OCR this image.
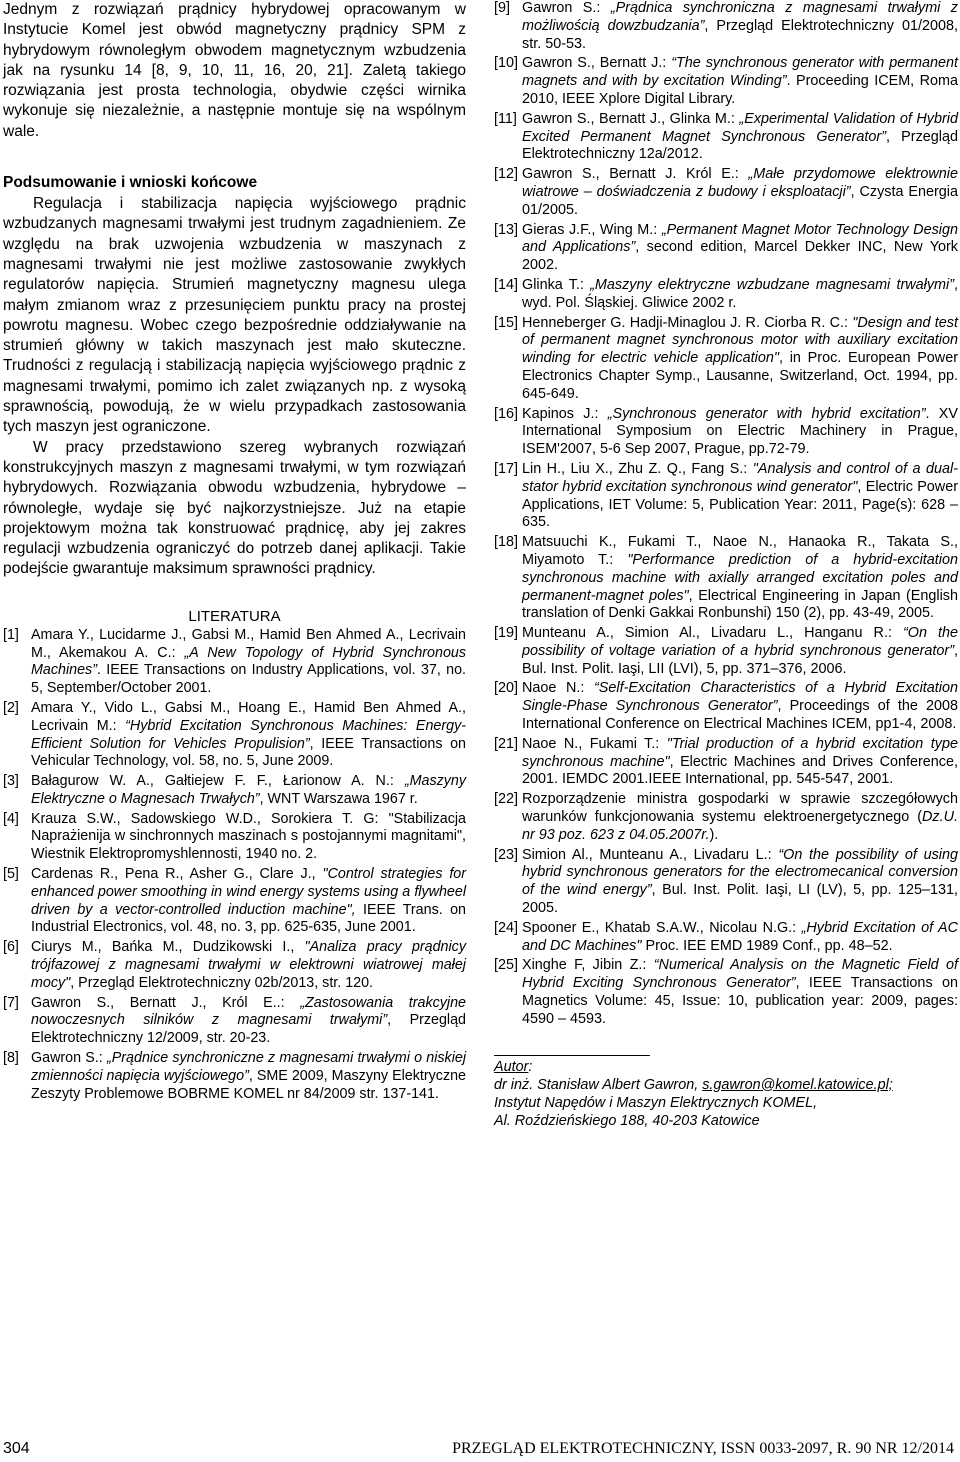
Jednym z rozwiązań prądnicy hybrydowej opracowanym w Instytucie Komel jest obwód magnetyczny prądnicy SPM z hybrydowym równoległym obwodem magnetycznym wzbudzenia jak na rysunku 14 [8, 9, 10, 11, 16, 20, 21]. Zaletą takiego rozwiązania jest prosta technologia, obydwie części wirnika wykonuje się niezależnie, a następnie montuje się na wspólnym wale.

Podsumowanie i wnioski końcowe

Regulacja i stabilizacja napięcia wyjściowego prądnic wzbudzanych magnesami trwałymi jest trudnym zagadnieniem. Ze względu na brak uzwojenia wzbudzenia w maszynach z magnesami trwałymi nie jest możliwe zastosowanie zwykłych regulatorów napięcia. Strumień magnetyczny magnesu ulega małym zmianom wraz z przesunięciem punktu pracy na prostej powrotu magnesu. Wobec czego bezpośrednie oddziaływanie na strumień główny w takich maszynach jest mało skuteczne. Trudności z regulacją i stabilizacją napięcia wyjściowego prądnic z magnesami trwałymi, pomimo ich zalet związanych np. z wysoką sprawnością, powodują, że w wielu przypadkach zastosowania tych maszyn jest ograniczone.

W pracy przedstawiono szereg wybranych rozwiązań konstrukcyjnych maszyn z magnesami trwałymi, w tym rozwiązań hybrydowych. Rozwiązania obwodu wzbudzenia, hybrydowe – równoległe, wydaje się być najkorzystniejsze. Już na etapie projektowym można tak konstruować prądnicę, aby jej zakres regulacji wzbudzenia ograniczyć do potrzeb danej aplikacji. Takie podejście gwarantuje maksimum sprawności prądnicy.

LITERATURA
[1] Amara Y., Lucidarme J., Gabsi M., Hamid Ben Ahmed A., Lecrivain M., Akemakou A. C.: „A New Topology of Hybrid Synchronous Machines”. IEEE Transactions on Industry Applications, vol. 37, no. 5, September/October 2001.
[2] Amara Y., Vido L., Gabsi M., Hoang E., Hamid Ben Ahmed A., Lecrivain M.: “Hybrid Excitation Synchronous Machines: Energy-Efficient Solution for Vehicles Propulision”, IEEE Transactions on Vehicular Technology, vol. 58, no. 5, June 2009.
[3] Bałagurow W. A., Gałtiejew F. F., Łarionow A. N.: „Maszyny Elektryczne o Magnesach Trwałych”, WNT Warszawa 1967 r.
[4] Krauza S.W., Sadowskiego W.D., Sorokiera T. G: "Stabilizacja Naprażienija w sinchronnych maszinach s postojannymi magnitami", Wiestnik Elektropromyshlennosti, 1940 no. 2.
[5] Cardenas R., Pena R., Asher G., Clare J., "Control strategies for enhanced power smoothing in wind energy systems using a flywheel driven by a vector-controlled induction machine", IEEE Trans. on Industrial Electronics, vol. 48, no. 3, pp. 625-635, June 2001.
[6] Ciurys M., Bańka M., Dudzikowski I., "Analiza pracy prądnicy trójfazowej z magnesami trwałymi w elektrowni wiatrowej małej mocy", Przegląd Elektrotechniczny 02b/2013, str. 120.
[7] Gawron S., Bernatt J., Król E..: „Zastosowania trakcyjne nowoczesnych silników z magnesami trwałymi”, Przegląd Elektrotechniczny 12/2009, str. 20-23.
[8] Gawron S.: „Prądnice synchroniczne z magnesami trwałymi o niskiej zmienności napięcia wyjściowego”, SME 2009, Maszyny Elektryczne Zeszyty Problemowe BOBRME KOMEL nr 84/2009 str. 137-141.
[9] Gawron S.: „Prądnica synchroniczna z magnesami trwałymi z możliwością dowzbudzania”, Przegląd Elektrotechniczny 01/2008, str. 50-53.
[10] Gawron S., Bernatt J.: “The synchronous generator with permanent magnets and with by excitation Winding”. Proceeding ICEM, Roma 2010, IEEE Xplore Digital Library.
[11] Gawron S., Bernatt J., Glinka M.: „Experimental Validation of Hybrid Excited Permanent Magnet Synchronous Generator”, Przegląd Elektrotechniczny 12a/2012.
[12] Gawron S., Bernatt J. Król E.: „Małe przydomowe elektrownie wiatrowe – doświadczenia z budowy i eksploatacji”, Czysta Energia 01/2005.
[13] Gieras J.F., Wing M.: „Permanent Magnet Motor Technology Design and Applications”, second edition, Marcel Dekker INC, New York 2002.
[14] Glinka T.: „Maszyny elektryczne wzbudzane magnesami trwałymi”, wyd. Pol. Śląskiej. Gliwice 2002 r.
[15] Henneberger G. Hadji-Minaglou J. R. Ciorba R. C.: "Design and test of permanent magnet synchronous motor with auxiliary excitation winding for electric vehicle application", in Proc. European Power Electronics Chapter Symp., Lausanne, Switzerland, Oct. 1994, pp. 645-649.
[16] Kapinos J.: „Synchronous generator with hybrid excitation”. XV International Symposium on Electric Machinery in Prague, ISEM'2007, 5-6 Sep 2007, Prague, pp.72-79.
[17] Lin H., Liu X., Zhu Z. Q., Fang S.: "Analysis and control of a dual-stator hybrid excitation synchronous wind generator", Electric Power Applications, IET Volume: 5, Publication Year: 2011, Page(s): 628 – 635.
[18] Matsuuchi K., Fukami T., Naoe N., Hanaoka R., Takata S., Miyamoto T.: "Performance prediction of a hybrid-excitation synchronous machine with axially arranged excitation poles and permanent-magnet poles", Electrical Engineering in Japan (English translation of Denki Gakkai Ronbunshi) 150 (2), pp. 43-49, 2005.
[19] Munteanu A., Simion Al., Livadaru L., Hanganu R.: “On the possibility of voltage variation of a hybrid synchronous generator”, Bul. Inst. Polit. Iaşi, LII (LVI), 5, pp. 371–376, 2006.
[20] Naoe N.: “Self-Excitation Characteristics of a Hybrid Excitation Single-Phase Synchronous Generator”, Proceedings of the 2008 International Conference on Electrical Machines ICEM, pp1-4, 2008.
[21] Naoe N., Fukami T.: "Trial production of a hybrid excitation type synchronous machine", Electric Machines and Drives Conference, 2001. IEMDC 2001.IEEE International, pp. 545-547, 2001.
[22] Rozporządzenie ministra gospodarki w sprawie szczegółowych warunków funkcjonowania systemu elektroenergetycznego (Dz.U. nr 93 poz. 623 z 04.05.2007r.).
[23] Simion Al., Munteanu A., Livadaru L.: “On the possibility of using hybrid synchronous generators for the electromecanical conversion of the wind energy”, Bul. Inst. Polit. Iaşi, LI (LV), 5, pp. 125–131, 2005.
[24] Spooner E., Khatab S.A.W., Nicolau N.G.: „Hybrid Excitation of AC and DC Machines" Proc. IEE EMD 1989 Conf., pp. 48–52.
[25] Xinghe F, Jibin Z.: “Numerical Analysis on the Magnetic Field of Hybrid Exciting Synchronous Generator”, IEEE Transactions on Magnetics Volume: 45, Issue: 10, publication year: 2009, pages: 4590 – 4593.
Autor:
dr inż. Stanisław Albert Gawron, s.gawron@komel.katowice.pl;
Instytut Napędów i Maszyn Elektrycznych KOMEL,
Al. Roździeńskiego 188, 40-203 Katowice
304	PRZEGLĄD ELEKTROTECHNICZNY, ISSN 0033-2097, R. 90 NR 12/2014
